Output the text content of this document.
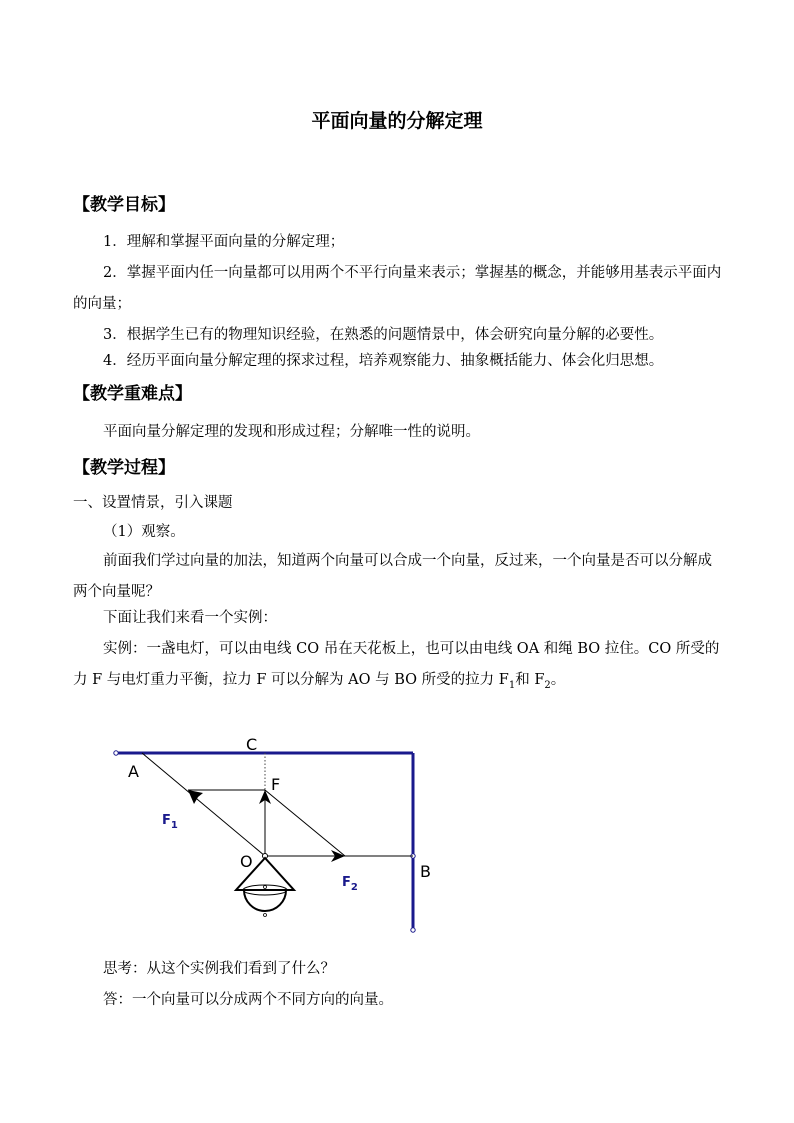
平面向量的分解定理
【教学目标】

1．理解和掌握平面向量的分解定理；

2．掌握平面内任一向量都可以用两个不平行向量来表示；掌握基的概念，并能够用基表示平面内的向量；

3．根据学生已有的物理知识经验，在熟悉的问题情景中，体会研究向量分解的必要性。

4．经历平面向量分解定理的探求过程，培养观察能力、抽象概括能力、体会化归思想。

【教学重难点】

平面向量分解定理的发现和形成过程；分解唯一性的说明。

【教学过程】

一、设置情景，引入课题

（1）观察。

前面我们学过向量的加法，知道两个向量可以合成一个向量，反过来，一个向量是否可以分解成两个向量呢？

下面让我们来看一个实例：

实例：一盏电灯，可以由电线 CO 吊在天花板上，也可以由电线 OA 和绳 BO 拉住。CO 所受的力 F 与电灯重力平衡，拉力 F 可以分解为 AO 与 BO 所受的拉力 $F_1$和 $F_2$。

A
C
F
O
B
$F_1$
$F_2$

思考：从这个实例我们看到了什么？

答：一个向量可以分成两个不同方向的向量。
